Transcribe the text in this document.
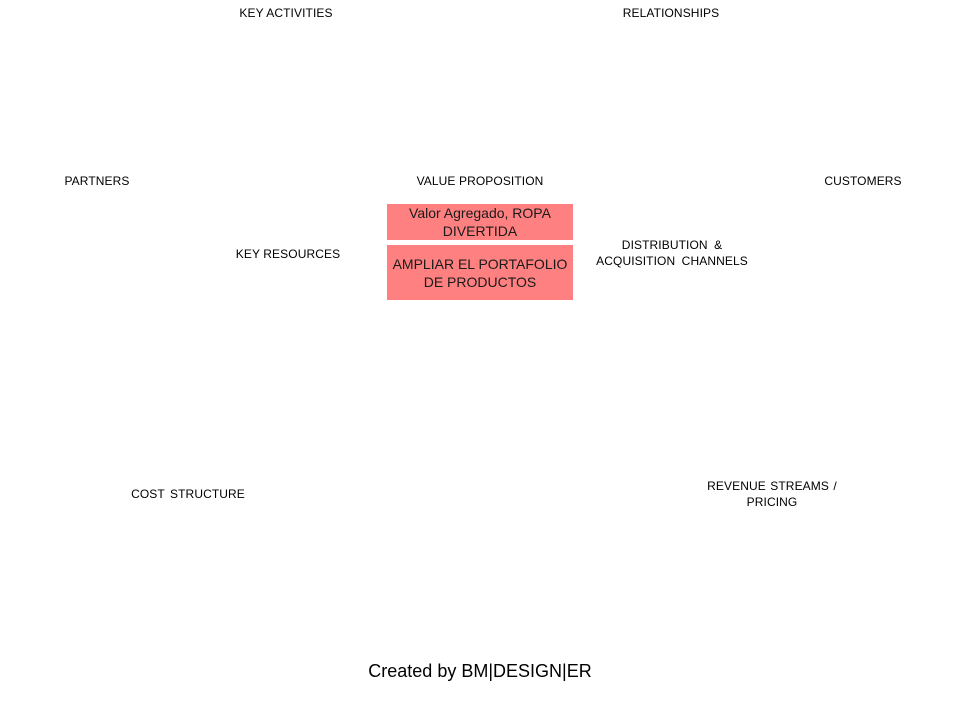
KEY ACTIVITIES	RELATIONSHIPS
PARTNERS	VALUE PROPOSITION	CUSTOMERS
KEY RESOURCES
DISTRIBUTION & ACQUISITION CHANNELS
COST STRUCTURE
REVENUE STREAMS / PRICING
Valor Agregado, ROPA DIVERTIDA
AMPLIAR EL PORTAFOLIO DE PRODUCTOS
Created by BM|DESIGN|ER
